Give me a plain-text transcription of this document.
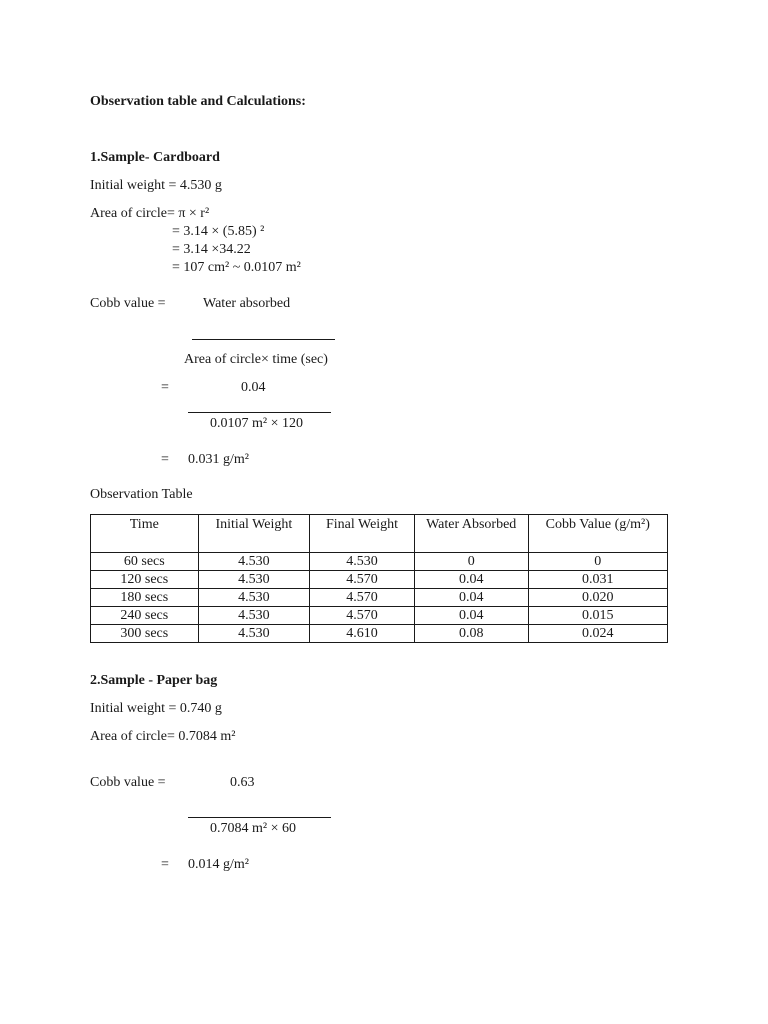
Observation table and Calculations:
1.Sample- Cardboard
Initial weight = 4.530 g
Area of circle= π × r²
= 3.14 × (5.85) ²
= 3.14 ×34.22
= 107 cm² ~ 0.0107 m²
Cobb value =	Water absorbed
Area of circle× time (sec)
=	0.04
0.0107 m² × 120
= 0.031 g/m²
Observation Table
Time	Initial Weight	Final Weight	Water Absorbed	Cobb Value (g/m²)
60 secs	4.530	4.530	0	0
120 secs	4.530	4.570	0.04	0.031
180 secs	4.530	4.570	0.04	0.020
240 secs	4.530	4.570	0.04	0.015
300 secs	4.530	4.610	0.08	0.024
2.Sample - Paper bag
Initial weight = 0.740 g
Area of circle= 0.7084 m²
Cobb value =	0.63
0.7084 m² × 60
= 0.014 g/m²
